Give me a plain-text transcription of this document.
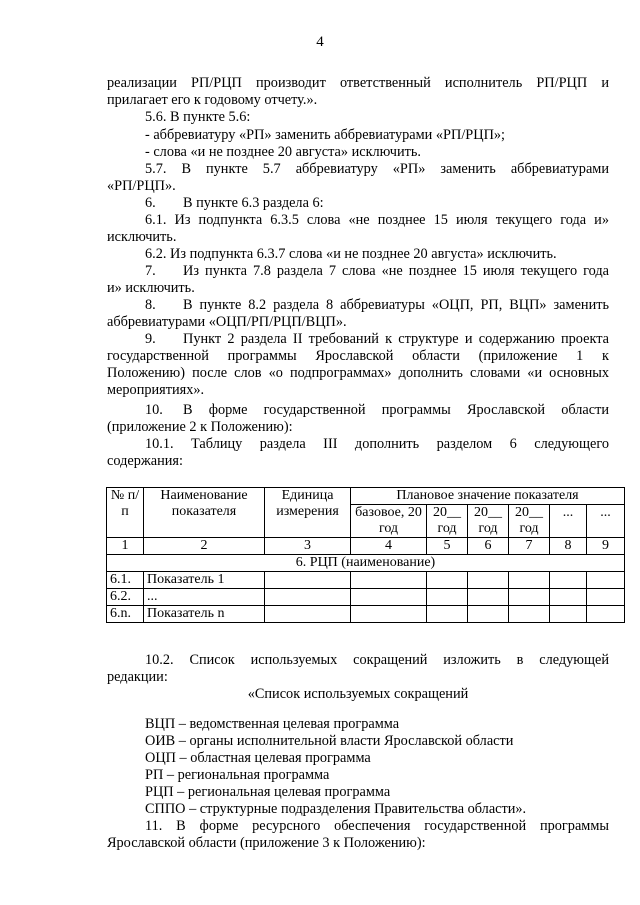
4
реализации РП/РЦП производит ответственный исполнитель РП/РЦП и
прилагает его к годовому отчету.».
5.6. В пункте 5.6:
- аббревиатуру «РП» заменить аббревиатурами «РП/РЦП»;
- слова «и не позднее 20 августа» исключить.
5.7. В пункте 5.7 аббревиатуру «РП» заменить аббревиатурами
«РП/РЦП».
6. В пункте 6.3 раздела 6:
6.1. Из подпункта 6.3.5 слова «не позднее 15 июля текущего года и»
исключить.
6.2. Из подпункта 6.3.7 слова «и не позднее 20 августа» исключить.
7. Из пункта 7.8 раздела 7 слова «не позднее 15 июля текущего года
и» исключить.
8. В пункте 8.2 раздела 8 аббревиатуры «ОЦП, РП, ВЦП» заменить
аббревиатурами «ОЦП/РП/РЦП/ВЦП».
9. Пункт 2 раздела II требований к структуре и содержанию проекта
государственной программы Ярославской области (приложение 1 к
Положению) после слов «о подпрограммах» дополнить словами «и основных
мероприятиях».
10. В форме государственной программы Ярославской области
(приложение 2 к Положению):
10.1. Таблицу раздела III дополнить разделом 6 следующего
содержания:
№ п/п	Наименование показателя	Единица измерения	Плановое значение показателя					
			базовое, 20 год	20__ год	20__ год	20__ год	...	...
1	2	3	4	5	6	7	8	9
6. РЦП (наименование)								
6.1.	Показатель 1							
6.2.	...							
6.n.	Показатель n							
10.2. Список используемых сокращений изложить в следующей
редакции:
«Список используемых сокращений
ВЦП – ведомственная целевая программа
ОИВ – органы исполнительной власти Ярославской области
ОЦП – областная целевая программа
РП – региональная программа
РЦП – региональная целевая программа
СППО – структурные подразделения Правительства области».
11. В форме ресурсного обеспечения государственной программы
Ярославской области (приложение 3 к Положению):
